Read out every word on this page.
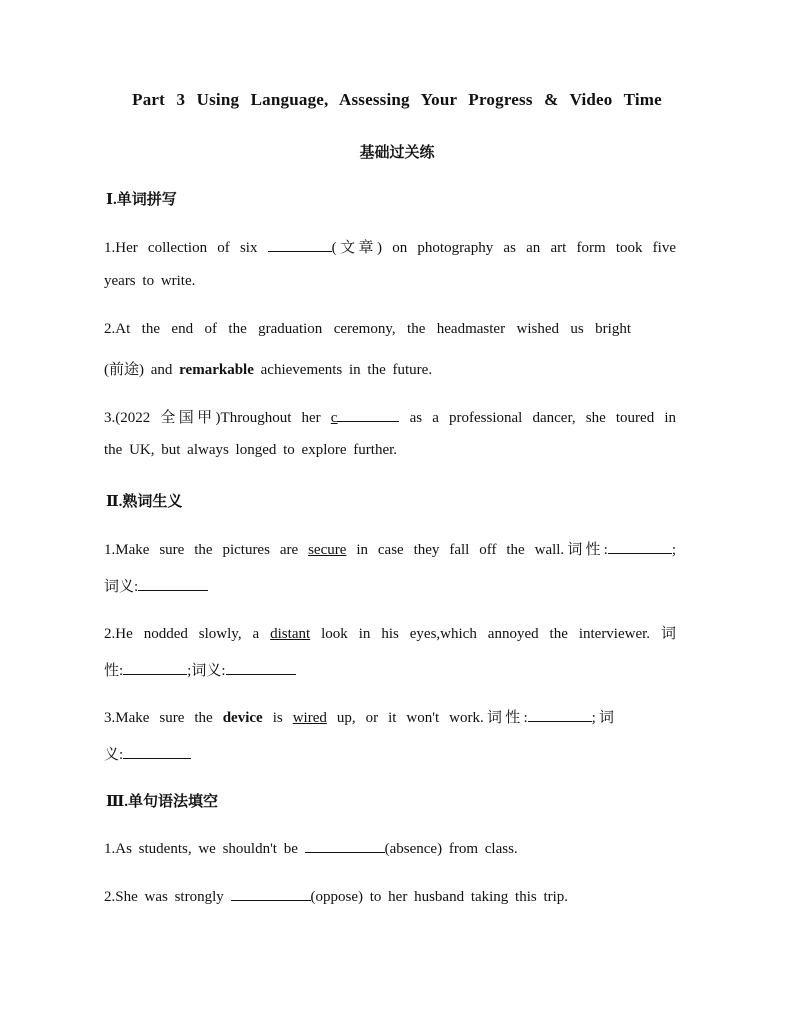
Part 3 Using Language, Assessing Your Progress & Video Time
基础过关练
Ⅰ.单词拼写
1.Her collection of six	(文章) on photography as an art form took five
years to write.
2.At the end of the graduation ceremony, the headmaster wished us bright
(前途) and remarkable achievements in the future.
3.(2022 全国甲)Throughout her c	as a professional dancer, she toured in
the UK, but always longed to explore further.
Ⅱ.熟词生义
1.Make sure the pictures are secure in case they fall off the wall.词性:	;
词义:
2.He nodded slowly, a distant look in his eyes,which annoyed the interviewer. 词
性:	;词义:
3.Make sure the device is wired up, or it won't work.词性:	;词
义:
Ⅲ.单句语法填空
1.As students, we shouldn't be	(absence) from class.
2.She was strongly	(oppose) to her husband taking this trip.
